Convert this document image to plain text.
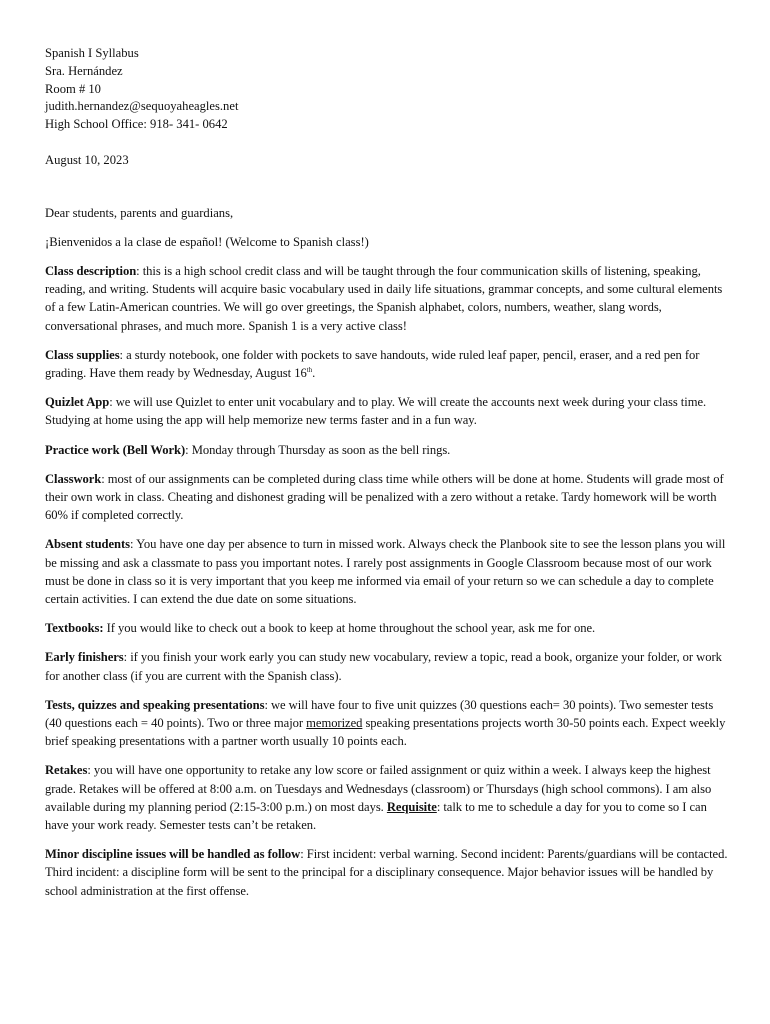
Spanish I Syllabus
Sra. Hernández
Room # 10
judith.hernandez@sequoyaheagles.net
High School Office: 918- 341- 0642
August 10, 2023
Dear students, parents and guardians,
¡Bienvenidos a la clase de español! (Welcome to Spanish class!)

Class description: this is a high school credit class and will be taught through the four communication skills of listening, speaking, reading, and writing. Students will acquire basic vocabulary used in daily life situations, grammar concepts, and some cultural elements of a few Latin-American countries. We will go over greetings, the Spanish alphabet, colors, numbers, weather, slang words, conversational phrases, and much more. Spanish 1 is a very active class!

Class supplies: a sturdy notebook, one folder with pockets to save handouts, wide ruled leaf paper, pencil, eraser, and a red pen for grading. Have them ready by Wednesday, August 16th.

Quizlet App: we will use Quizlet to enter unit vocabulary and to play. We will create the accounts next week during your class time. Studying at home using the app will help memorize new terms faster and in a fun way.

Practice work (Bell Work): Monday through Thursday as soon as the bell rings.

Classwork: most of our assignments can be completed during class time while others will be done at home. Students will grade most of their own work in class. Cheating and dishonest grading will be penalized with a zero without a retake. Tardy homework will be worth 60% if completed correctly.

Absent students: You have one day per absence to turn in missed work. Always check the Planbook site to see the lesson plans you will be missing and ask a classmate to pass you important notes. I rarely post assignments in Google Classroom because most of our work must be done in class so it is very important that you keep me informed via email of your return so we can schedule a day to complete certain activities. I can extend the due date on some situations.

Textbooks: If you would like to check out a book to keep at home throughout the school year, ask me for one.

Early finishers: if you finish your work early you can study new vocabulary, review a topic, read a book, organize your folder, or work for another class (if you are current with the Spanish class).

Tests, quizzes and speaking presentations: we will have four to five unit quizzes (30 questions each= 30 points). Two semester tests (40 questions each = 40 points). Two or three major memorized speaking presentations projects worth 30-50 points each. Expect weekly brief speaking presentations with a partner worth usually 10 points each.

Retakes: you will have one opportunity to retake any low score or failed assignment or quiz within a week. I always keep the highest grade. Retakes will be offered at 8:00 a.m. on Tuesdays and Wednesdays (classroom) or Thursdays (high school commons). I am also available during my planning period (2:15-3:00 p.m.) on most days. Requisite: talk to me to schedule a day for you to come so I can have your work ready. Semester tests can’t be retaken.

Minor discipline issues will be handled as follow: First incident: verbal warning. Second incident: Parents/guardians will be contacted. Third incident: a discipline form will be sent to the principal for a disciplinary consequence. Major behavior issues will be handled by school administration at the first offense.
